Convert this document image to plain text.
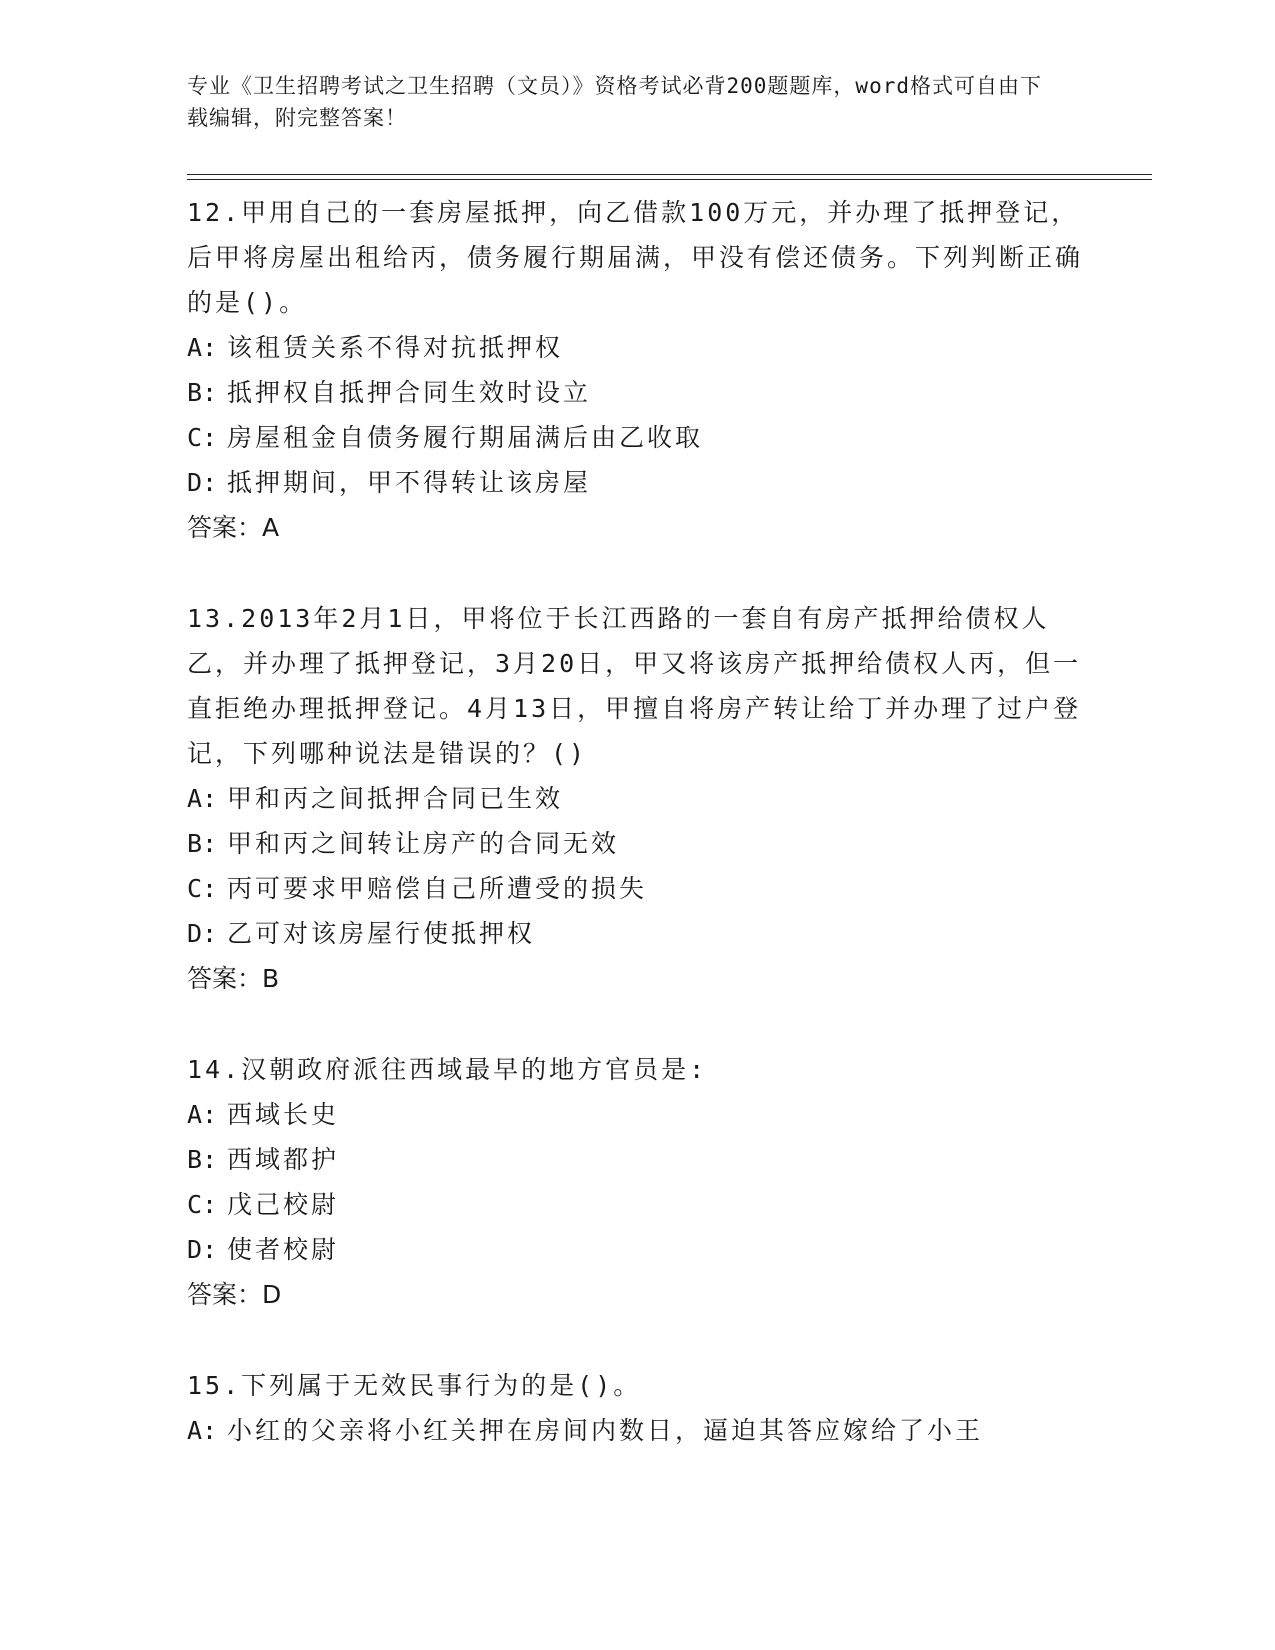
专业《卫生招聘考试之卫生招聘（文员）》资格考试必背200题题库，word格式可自由下载编辑，附完整答案！
12.甲用自己的一套房屋抵押，向乙借款100万元，并办理了抵押登记，后甲将房屋出租给丙，债务履行期届满，甲没有偿还债务。下列判断正确的是()。
A: 该租赁关系不得对抗抵押权
B: 抵押权自抵押合同生效时设立
C: 房屋租金自债务履行期届满后由乙收取
D: 抵押期间，甲不得转让该房屋
答案：A
13.2013年2月1日，甲将位于长江西路的一套自有房产抵押给债权人乙，并办理了抵押登记，3月20日，甲又将该房产抵押给债权人丙，但一直拒绝办理抵押登记。4月13日，甲擅自将房产转让给丁并办理了过户登记，下列哪种说法是错误的？()
A: 甲和丙之间抵押合同已生效
B: 甲和丙之间转让房产的合同无效
C: 丙可要求甲赔偿自己所遭受的损失
D: 乙可对该房屋行使抵押权
答案：B
14.汉朝政府派往西域最早的地方官员是:
A: 西域长史
B: 西域都护
C: 戊己校尉
D: 使者校尉
答案：D
15.下列属于无效民事行为的是()。
A: 小红的父亲将小红关押在房间内数日，逼迫其答应嫁给了小王
